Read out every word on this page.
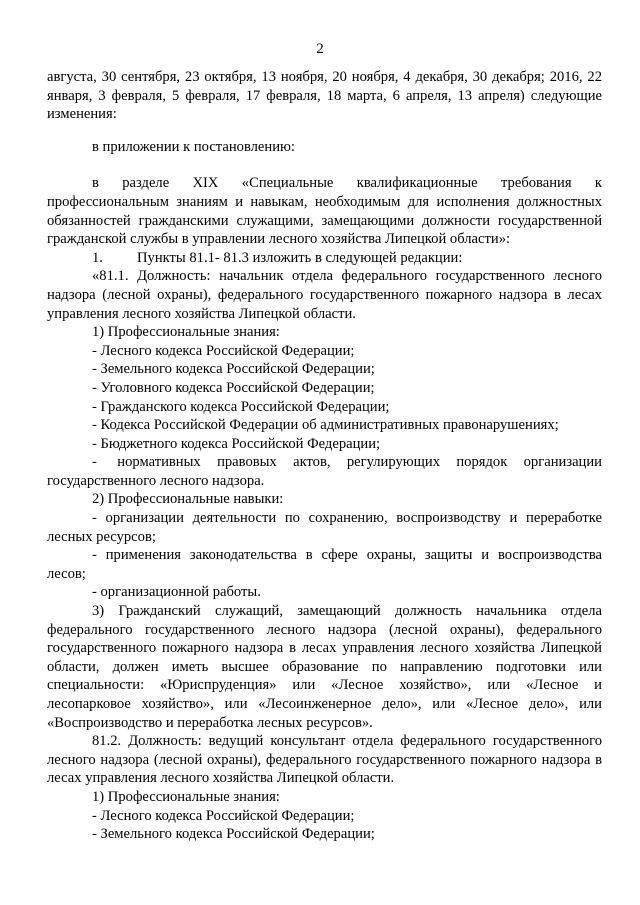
2

августа, 30 сентября, 23 октября, 13 ноября, 20 ноября, 4 декабря, 30 декабря; 2016, 22 января, 3 февраля, 5 февраля, 17 февраля, 18 марта, 6 апреля, 13 апреля) следующие изменения:

в приложении к постановлению:

в     разделе     XIX     «Специальные     квалификационные     требования     к профессиональным знаниям и навыкам, необходимым для исполнения должностных обязанностей гражданскими служащими, замещающими должности государственной гражданской службы в управлении лесного хозяйства Липецкой области»:

1.	Пункты 81.1- 81.3 изложить в следующей редакции:

«81.1. Должность: начальник отдела федерального государственного лесного надзора (лесной охраны), федерального государственного пожарного надзора в лесах управления лесного хозяйства Липецкой области.

1) Профессиональные знания:

- Лесного кодекса Российской Федерации;

- Земельного кодекса Российской Федерации;

- Уголовного кодекса Российской Федерации;

- Гражданского кодекса Российской Федерации;

- Кодекса Российской Федерации об административных правонарушениях;

- Бюджетного кодекса Российской Федерации;

-     нормативных    правовых    актов,    регулирующих    порядок    организации государственного лесного надзора.

2) Профессиональные навыки:

- организации деятельности по сохранению, воспроизводству и переработке лесных ресурсов;

- применения законодательства в сфере охраны, защиты и воспроизводства лесов;

- организационной работы.

3) Гражданский служащий, замещающий должность начальника отдела федерального государственного лесного надзора (лесной охраны), федерального государственного пожарного надзора в лесах управления лесного хозяйства Липецкой области, должен иметь высшее образование по направлению подготовки или специальности: «Юриспруденция» или «Лесное хозяйство», или «Лесное и лесопарковое хозяйство», или «Лесоинженерное дело», или «Лесное дело», или «Воспроизводство и переработка лесных ресурсов».

81.2. Должность: ведущий консультант отдела федерального государственного лесного надзора (лесной охраны), федерального государственного пожарного надзора в лесах управления лесного хозяйства Липецкой области.

1) Профессиональные знания:

- Лесного кодекса Российской Федерации;

- Земельного кодекса Российской Федерации;
